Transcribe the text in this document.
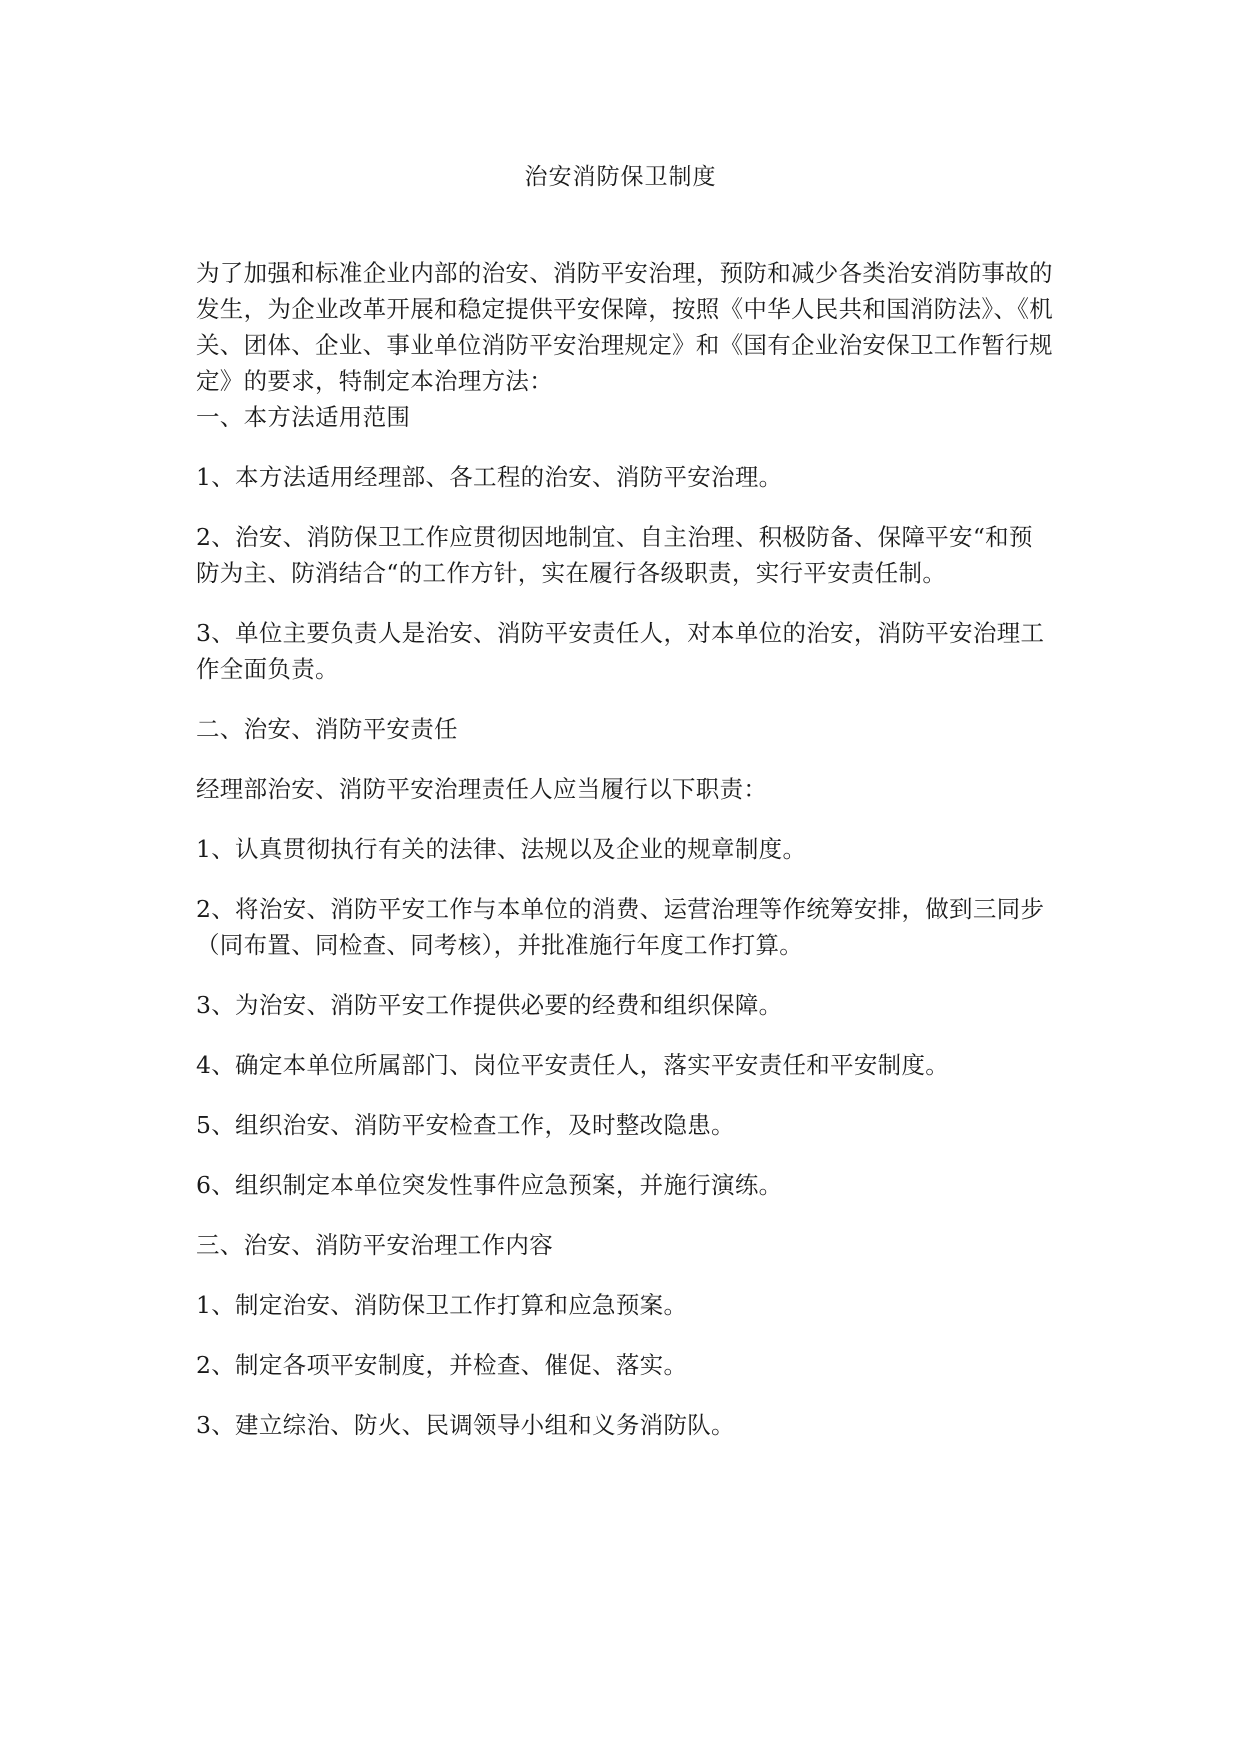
治安消防保卫制度

为了加强和标准企业内部的治安、消防平安治理，预防和减少各类治安消防事故的发生，为企业改革开展和稳定提供平安保障，按照《中华人民共和国消防法》、《机关、团体、企业、事业单位消防平安治理规定》和《国有企业治安保卫工作暂行规定》的要求，特制定本治理方法：

一、本方法适用范围

1、本方法适用经理部、各工程的治安、消防平安治理。

2、治安、消防保卫工作应贯彻因地制宜、自主治理、积极防备、保障平安“和预防为主、防消结合“的工作方针，实在履行各级职责，实行平安责任制。

3、单位主要负责人是治安、消防平安责任人，对本单位的治安，消防平安治理工作全面负责。

二、治安、消防平安责任

经理部治安、消防平安治理责任人应当履行以下职责：

1、认真贯彻执行有关的法律、法规以及企业的规章制度。

2、将治安、消防平安工作与本单位的消费、运营治理等作统筹安排，做到三同步（同布置、同检查、同考核），并批准施行年度工作打算。

3、为治安、消防平安工作提供必要的经费和组织保障。

4、确定本单位所属部门、岗位平安责任人，落实平安责任和平安制度。

5、组织治安、消防平安检查工作，及时整改隐患。

6、组织制定本单位突发性事件应急预案，并施行演练。

三、治安、消防平安治理工作内容

1、制定治安、消防保卫工作打算和应急预案。

2、制定各项平安制度，并检查、催促、落实。

3、建立综治、防火、民调领导小组和义务消防队。
